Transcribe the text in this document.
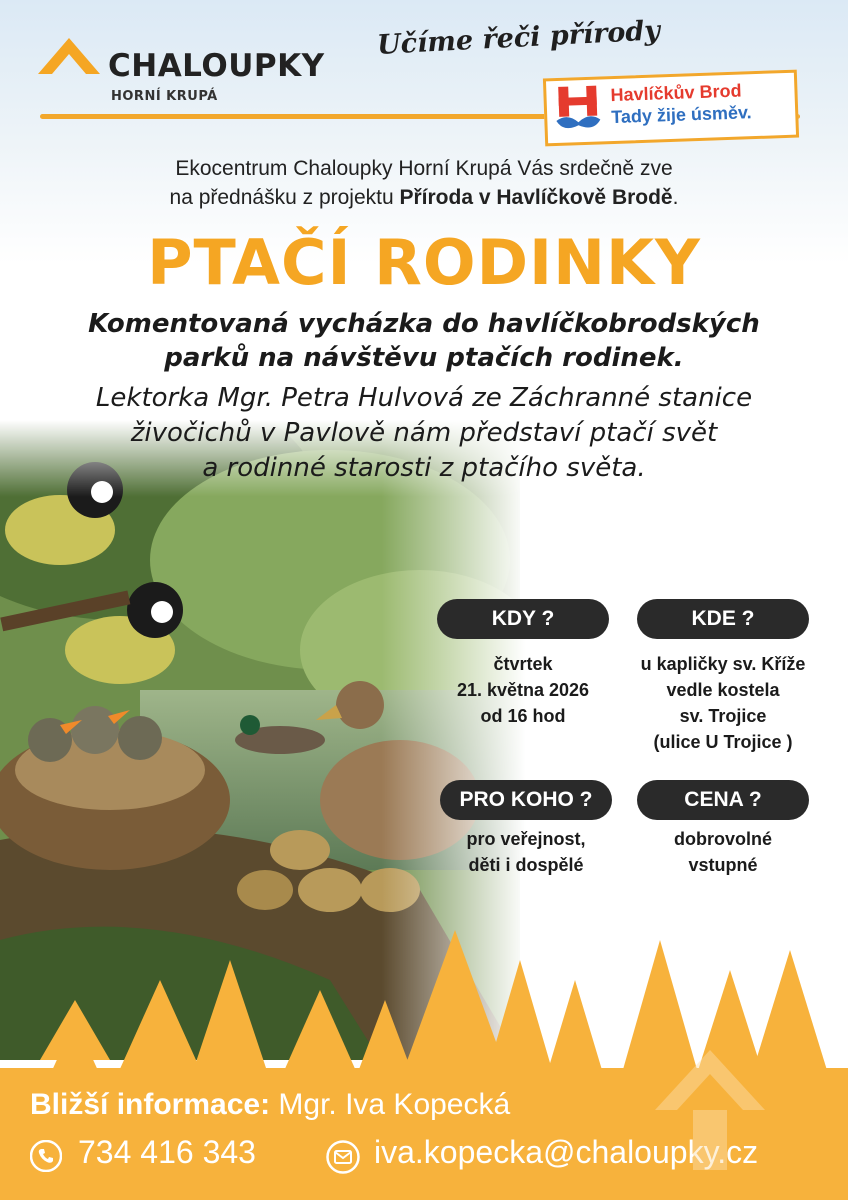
CHALOUPKY
HORNÍ KRUPÁ
Učíme řeči přírody
Havlíčkův Brod
Tady žije úsměv.
Ekocentrum Chaloupky Horní Krupá Vás srdečně zve
na přednášku z projektu Příroda v Havlíčkově Brodě.
PTAČÍ RODINKY
Komentovaná vycházka do havlíčkobrodských
parků na návštěvu ptačích rodinek.
Lektorka Mgr. Petra Hulvová ze Záchranné stanice
živočichů v Pavlově nám představí ptačí svět
a rodinné starosti z ptačího světa.
KDY ?
čtvrtek
21. května 2026
od 16 hod
KDE ?
u kapličky sv. Kříže
vedle kostela
sv. Trojice
(ulice U Trojice )
PRO KOHO ?
pro veřejnost,
děti i dospělé
CENA ?
dobrovolné
vstupné
Bližší informace: Mgr. Iva Kopecká
734 416 343	iva.kopecka@chaloupky.cz
